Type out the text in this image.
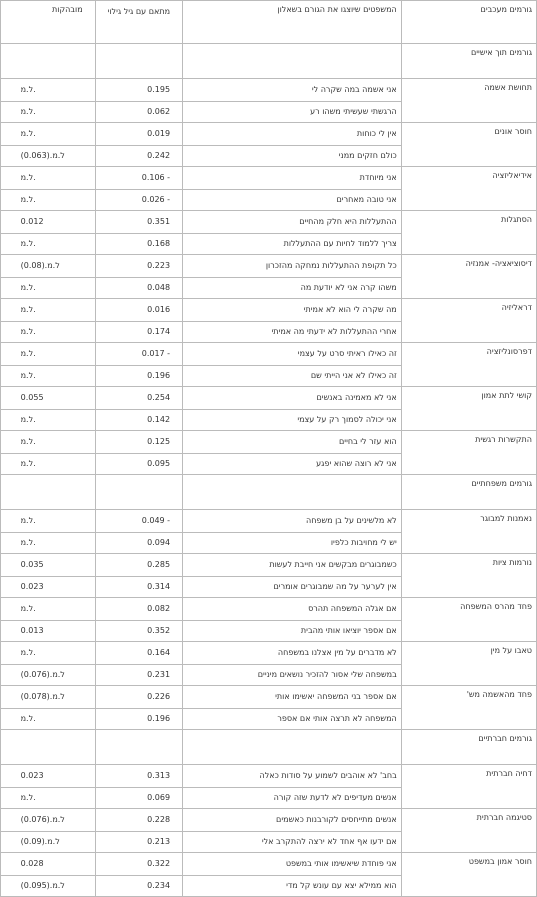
גורמים מעכבים	המשפטים שיוצגו את הגורם בשאלון	מתאם עם גיל גילוי	מובהקות
גורמים תוך אישיים			
תחושת אשמה	אני אשמה במה שקרה לי	0.195	ל.מ.
	הרגשתי שעשיתי משהו רע	0.062	ל.מ.
חוסר אונים	אין לי כוחות	0.019	ל.מ.
	כולם חזקים ממני	0.242	ל.מ.(0.063)
אידיאליזציה	אני מיוחדת	0.106 -	ל.מ.
	אני טובה מאחרים	0.026 -	ל.מ.
הסתגלות	ההתעללות היא חלק מהחיים	0.351	0.012
	צריך ללמוד לחיות עם ההתעללות	0.168	ל.מ.
דיסוציאציה- אמנזיה	כל תקופת ההתעללות נמחקה מהזכרון	0.223	ל.מ.(0.08)
	משהו קרה אני לא יודעת מה	0.048	ל.מ.
דראליזיה	מה שקרה לי הוא לא אמיתי	0.016	ל.מ.
	אחרי ההתעללות לא ידעתי מה אמיתי	0.174	ל.מ.
דפרסונליזציה	זה כאילו ראיתי סרט על עצמי	0.017 -	ל.מ.
	זה כאילו לא אני הייתי שם	0.196	ל.מ.
קושי לתת אמון	אני לא מאמינה באנשים	0.254	0.055
	אני יכולה לסמוך רק על עצמי	0.142	ל.מ.
התקשרות רגשית	הוא עזר לי בחיים	0.125	ל.מ.
	אני לא רוצה שהוא יפגע	0.095	ל.מ.
גורמים משפחתיים			
נאמנות למבוגר	לא מלשינים על בן משפחה	0.049 -	ל.מ.
	יש לי מחויבות כלפיו	0.094	ל.מ.
נורמות ציות	כשמבוגרים מבקשים אני חייבת לעשות	0.285	0.035
	אין לערער על מה שמבוגרים אומרים	0.314	0.023
פחד מהרס המשפחה	אם אגלה המשפחה תהרס	0.082	ל.מ.
	אם אספר יוציאו אותי מהבית	0.352	0.013
טאבו על מין	לא מדברים על מין אצלנו במשפחה	0.164	ל.מ.
	במשפחה שלי אסור להזכיר נושאים מיניים	0.231	ל.מ.(0.076)
פחד מהאשמה מש'	אם אספר בני המשפחה יאשימו אותי	0.226	ל.מ.(0.078)
	המשפחה לא תרצה אותי אם אספר	0.196	ל.מ.
גורמים חברתיים			
דחיה חברתית	בחב' לא אוהבים לשמוע על סודות כאלה	0.313	0.023
	אנשים מעדיפים לא לדעת שזה קורה	0.069	ל.מ.
סטיגמה חברתית	אנשים מתייחסים לקורבנות כאשמים	0.228	ל.מ.(0.076)
	אם ידעו אף אחד לא ירצה להתקרב אלי	0.213	ל.מ.(0.09)
חוסר אמון במשפט	אני פוחדת שיאשימו אותי במשפט	0.322	0.028
	הוא ממילא יצא עם עונש קל מדי	0.234	ל.מ.(0.095)
